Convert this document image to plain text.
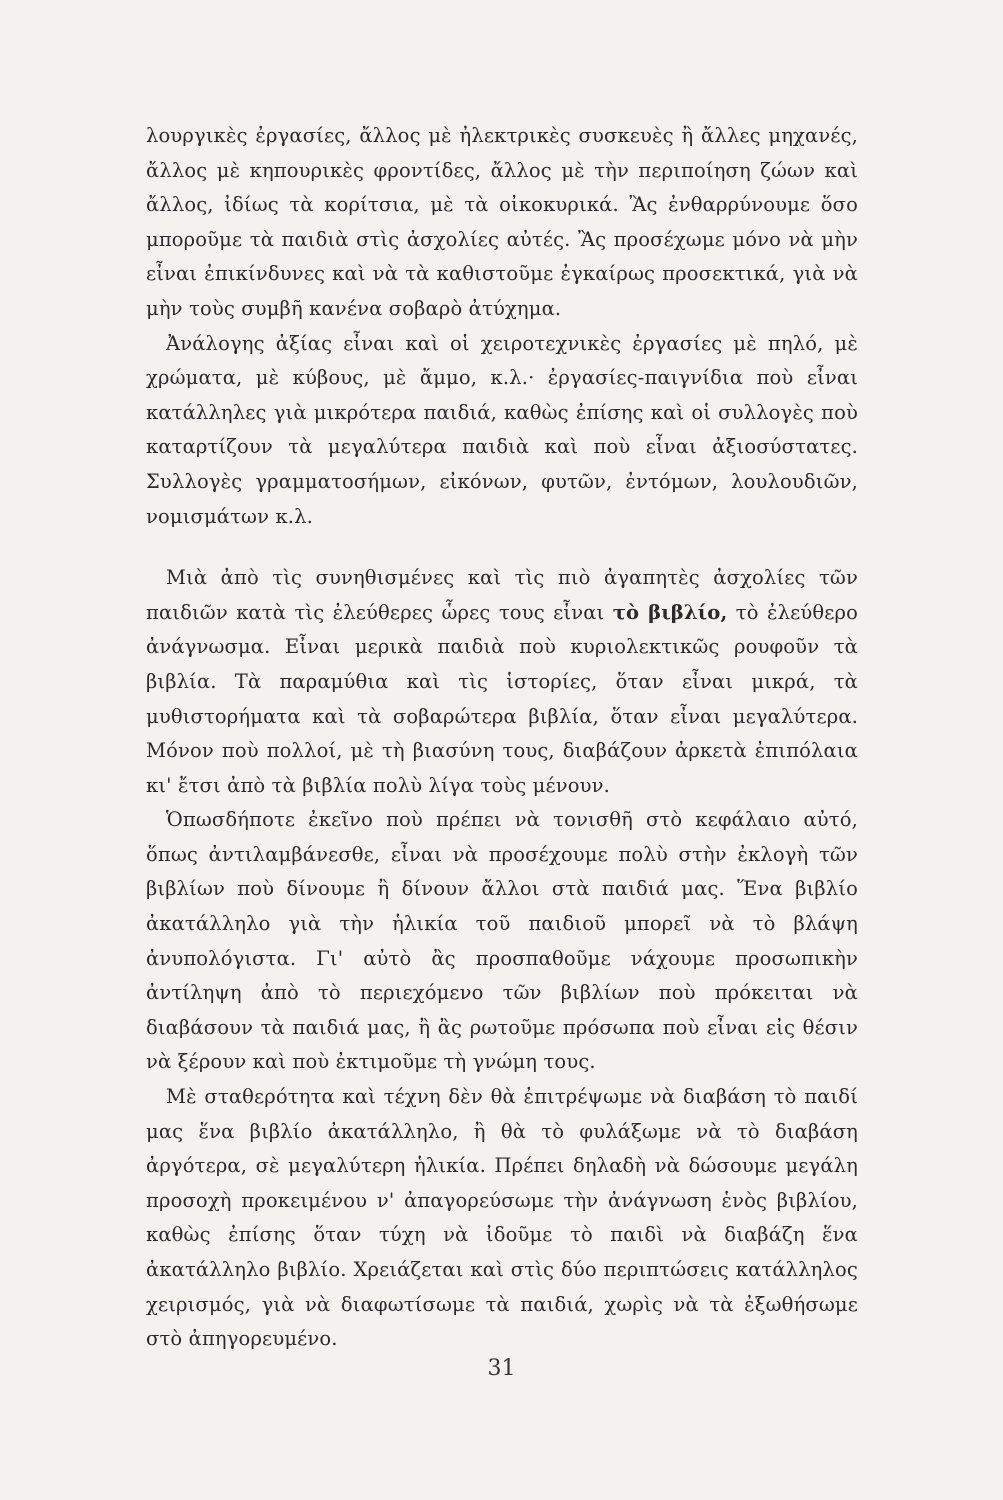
λουργικὲς ἐργασίες, ἄλλος μὲ ἠλεκτρικὲς συσκευὲς ἢ ἄλλες μηχανές, ἄλλος μὲ κηπουρικὲς φροντίδες, ἄλλος μὲ τὴν περιποίηση ζώων καὶ ἄλλος, ἰδίως τὰ κορίτσια, μὲ τὰ οἰκοκυρικά. Ἂς ἐνθαρρύνουμε ὅσο μποροῦμε τὰ παιδιὰ στὶς ἀσχολίες αὐτές. Ἂς προσέχωμε μόνο νὰ μὴν εἶναι ἐπικίνδυνες καὶ νὰ τὰ καθιστοῦμε ἐγκαίρως προσεκτικά, γιὰ νὰ μὴν τοὺς συμβῆ κανένα σοβαρὸ ἀτύχημα.

Ἀνάλογης ἀξίας εἶναι καὶ οἱ χειροτεχνικὲς ἐργασίες μὲ πηλό, μὲ χρώματα, μὲ κύβους, μὲ ἄμμο, κ.λ.· ἐργασίες-παιγνίδια ποὺ εἶναι κατάλληλες γιὰ μικρότερα παιδιά, καθὼς ἐπίσης καὶ οἱ συλλογὲς ποὺ καταρτίζουν τὰ μεγαλύτερα παιδιὰ καὶ ποὺ εἶναι ἀξιοσύστατες. Συλλογὲς γραμματοσήμων, εἰκόνων, φυτῶν, ἐντόμων, λουλουδιῶν, νομισμάτων κ.λ.

Μιὰ ἀπὸ τὶς συνηθισμένες καὶ τὶς πιὸ ἀγαπητὲς ἀσχολίες τῶν παιδιῶν κατὰ τὶς ἐλεύθερες ὧρες τους εἶναι τὸ βιβλίο, τὸ ἐλεύθερο ἀνάγνωσμα. Εἶναι μερικὰ παιδιὰ ποὺ κυριολεκτικῶς ρουφοῦν τὰ βιβλία. Τὰ παραμύθια καὶ τὶς ἱστορίες, ὅταν εἶναι μικρά, τὰ μυθιστορήματα καὶ τὰ σοβαρώτερα βιβλία, ὅταν εἶναι μεγαλύτερα. Μόνον ποὺ πολλοί, μὲ τὴ βιασύνη τους, διαβάζουν ἀρκετὰ ἐπιπόλαια κι' ἔτσι ἀπὸ τὰ βιβλία πολὺ λίγα τοὺς μένουν.

Ὁπωσδήποτε ἐκεῖνο ποὺ πρέπει νὰ τονισθῆ στὸ κεφάλαιο αὐτό, ὅπως ἀντιλαμβάνεσθε, εἶναι νὰ προσέχουμε πολὺ στὴν ἐκλογὴ τῶν βιβλίων ποὺ δίνουμε ἢ δίνουν ἄλλοι στὰ παιδιά μας. Ἕνα βιβλίο ἀκατάλληλο γιὰ τὴν ἡλικία τοῦ παιδιοῦ μπορεῖ νὰ τὸ βλάψη ἀνυπολόγιστα. Γι' αὐτὸ ἂς προσπαθοῦμε νάχουμε προσωπικὴν ἀντίληψη ἀπὸ τὸ περιεχόμενο τῶν βιβλίων ποὺ πρόκειται νὰ διαβάσουν τὰ παιδιά μας, ἢ ἂς ρωτοῦμε πρόσωπα ποὺ εἶναι εἰς θέσιν νὰ ξέρουν καὶ ποὺ ἐκτιμοῦμε τὴ γνώμη τους.

Μὲ σταθερότητα καὶ τέχνη δὲν θὰ ἐπιτρέψωμε νὰ διαβάση τὸ παιδί μας ἕνα βιβλίο ἀκατάλληλο, ἢ θὰ τὸ φυλάξωμε νὰ τὸ διαβάση ἀργότερα, σὲ μεγαλύτερη ἡλικία. Πρέπει δηλαδὴ νὰ δώσουμε μεγάλη προσοχὴ προκειμένου ν' ἀπαγορεύσωμε τὴν ἀνάγνωση ἑνὸς βιβλίου, καθὼς ἐπίσης ὅταν τύχη νὰ ἰδοῦμε τὸ παιδὶ νὰ διαβάζη ἕνα ἀκατάλληλο βιβλίο. Χρειάζεται καὶ στὶς δύο περιπτώσεις κατάλληλος χειρισμός, γιὰ νὰ διαφωτίσωμε τὰ παιδιά, χωρὶς νὰ τὰ ἐξωθήσωμε στὸ ἀπηγορευμένο.

31
